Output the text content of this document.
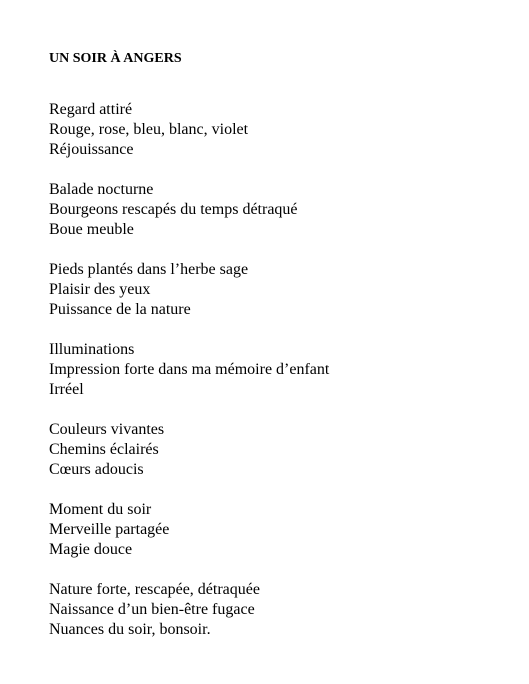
UN SOIR À ANGERS
Regard attiré
Rouge, rose, bleu, blanc, violet
Réjouissance
Balade nocturne
Bourgeons rescapés du temps détraqué
Boue meuble
Pieds plantés dans l’herbe sage
Plaisir des yeux
Puissance de la nature
Illuminations
Impression forte dans ma mémoire d’enfant
Irréel
Couleurs vivantes
Chemins éclairés
Cœurs adoucis
Moment du soir
Merveille partagée
Magie douce
Nature forte, rescapée, détraquée
Naissance d’un bien-être fugace
Nuances du soir, bonsoir.
